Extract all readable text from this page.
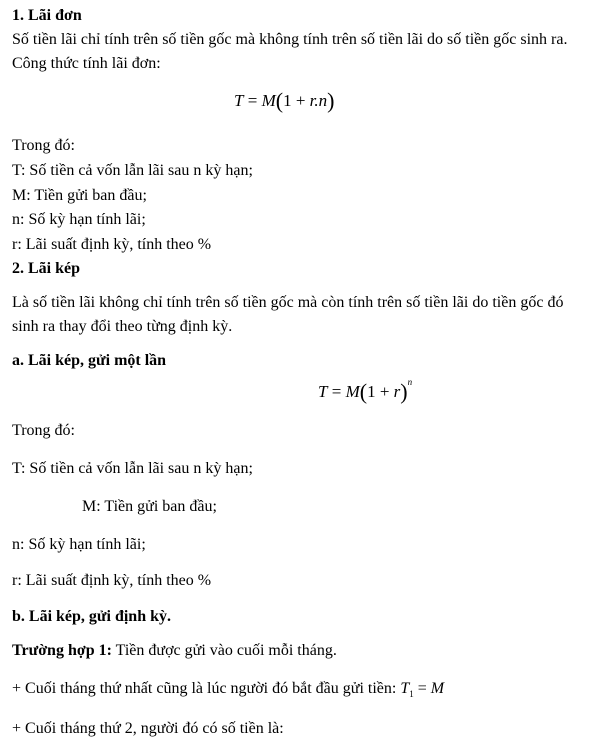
1. Lãi đơn
Số tiền lãi chỉ tính trên số tiền gốc mà không tính trên số tiền lãi do số tiền gốc sinh ra.
Công thức tính lãi đơn:
T = M(1 + r.n)
Trong đó:
T: Số tiền cả vốn lẫn lãi sau n kỳ hạn;
M: Tiền gửi ban đầu;
n: Số kỳ hạn tính lãi;
r: Lãi suất định kỳ, tính theo %
2. Lãi kép
Là số tiền lãi không chỉ tính trên số tiền gốc mà còn tính trên số tiền lãi do tiền gốc đó
sinh ra thay đổi theo từng định kỳ.
a. Lãi kép, gửi một lần
$T = M(1 + r)^n$
Trong đó:
T: Số tiền cả vốn lẫn lãi sau n kỳ hạn;
M: Tiền gửi ban đầu;
n: Số kỳ hạn tính lãi;
r: Lãi suất định kỳ, tính theo %
b. Lãi kép, gửi định kỳ.
Trường hợp 1: Tiền được gửi vào cuối mỗi tháng.
+ Cuối tháng thứ nhất cũng là lúc người đó bắt đầu gửi tiền: $T_1 = M$
+ Cuối tháng thứ 2, người đó có số tiền là:
